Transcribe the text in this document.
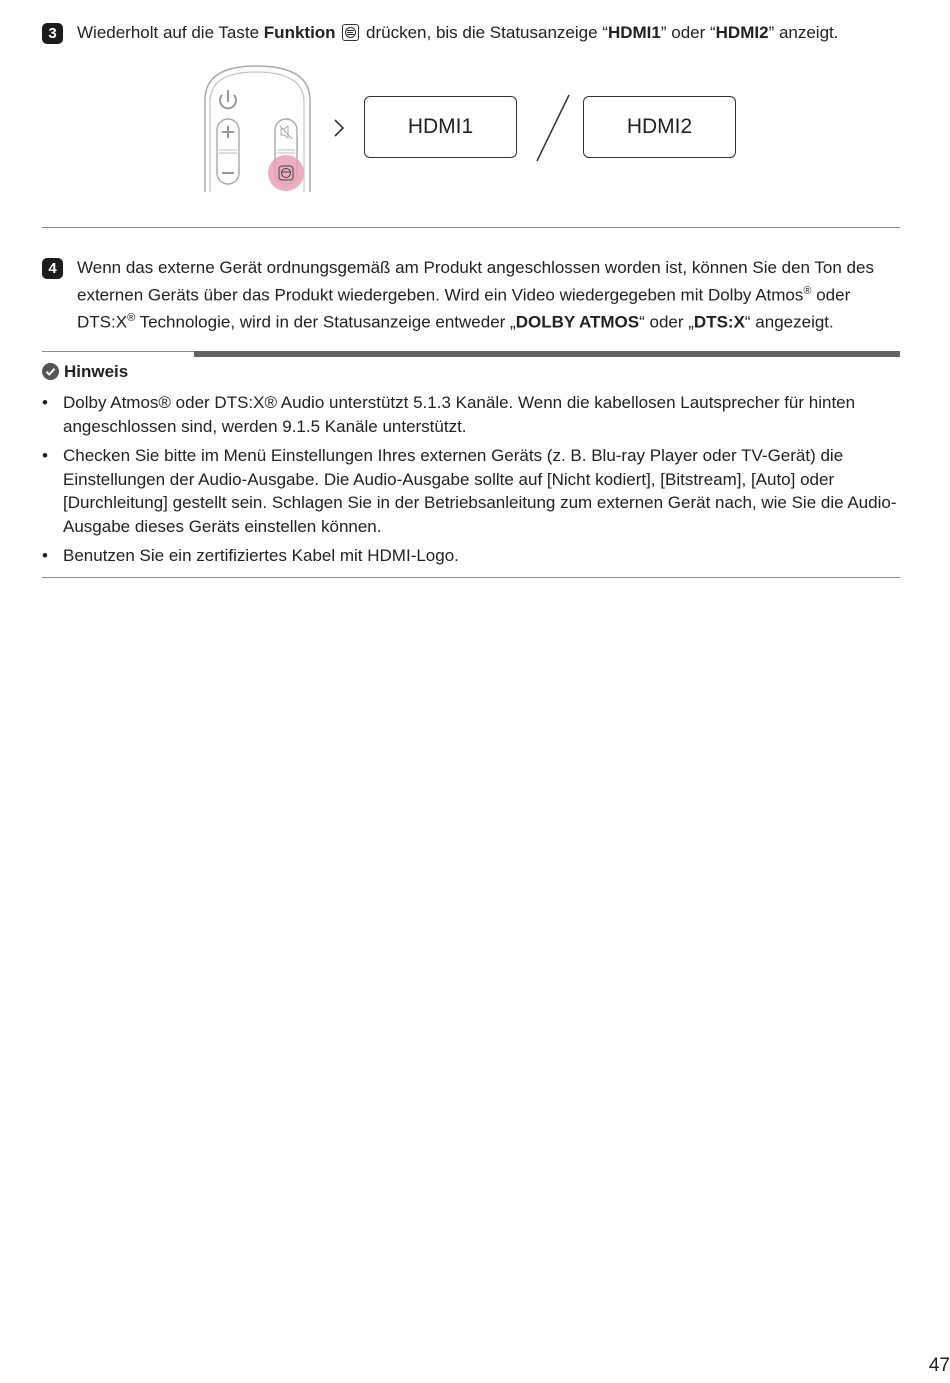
3	Wiederholt auf die Taste Funktion
drücken, bis die Statusanzeige “HDMI1” oder “HDMI2” anzeigt.
HDMI1	HDMI2
4	Wenn das externe Gerät ordnungsgemäß am Produkt angeschlossen worden ist, können Sie den Ton des externen Geräts über das Produkt wiedergeben. Wird ein Video wiedergegeben mit Dolby Atmos® oder DTS:X® Technologie, wird in der Statusanzeige entweder „DOLBY ATMOS“ oder „DTS:X“ angezeigt.
Hinweis
• Dolby Atmos® oder DTS:X® Audio unterstützt 5.1.3 Kanäle. Wenn die kabellosen Lautsprecher für hinten angeschlossen sind, werden 9.1.5 Kanäle unterstützt.
• Checken Sie bitte im Menü Einstellungen Ihres externen Geräts (z. B. Blu-ray Player oder TV-Gerät) die Einstellungen der Audio-Ausgabe. Die Audio-Ausgabe sollte auf [Nicht kodiert], [Bitstream], [Auto] oder [Durchleitung] gestellt sein. Schlagen Sie in der Betriebsanleitung zum externen Gerät nach, wie Sie die Audio-Ausgabe dieses Geräts einstellen können.
• Benutzen Sie ein zertifiziertes Kabel mit HDMI-Logo.
47
